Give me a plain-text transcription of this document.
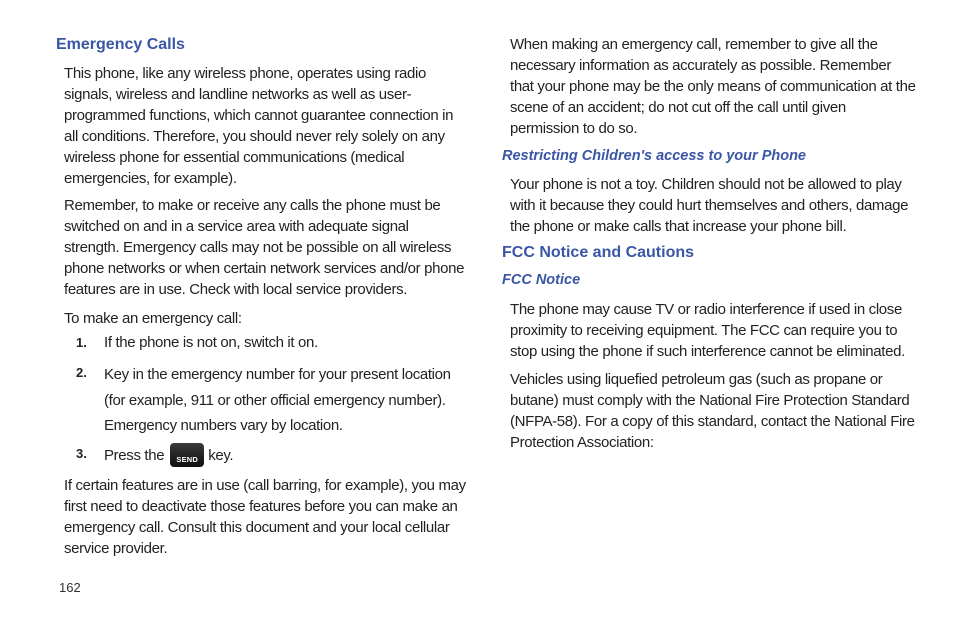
Emergency Calls

This phone, like any wireless phone, operates using radio signals, wireless and landline networks as well as user-programmed functions, which cannot guarantee connection in all conditions. Therefore, you should never rely solely on any wireless phone for essential communications (medical emergencies, for example).

Remember, to make or receive any calls the phone must be switched on and in a service area with adequate signal strength. Emergency calls may not be possible on all wireless phone networks or when certain network services and/or phone features are in use. Check with local service providers.

To make an emergency call:

1. If the phone is not on, switch it on.

2. Key in the emergency number for your present location (for example, 911 or other official emergency number). Emergency numbers vary by location.

3. Press the	SEND key.

If certain features are in use (call barring, for example), you may first need to deactivate those features before you can make an emergency call. Consult this document and your local cellular service provider.

When making an emergency call, remember to give all the necessary information as accurately as possible. Remember that your phone may be the only means of communication at the scene of an accident; do not cut off the call until given permission to do so.

Restricting Children's access to your Phone

Your phone is not a toy. Children should not be allowed to play with it because they could hurt themselves and others, damage the phone or make calls that increase your phone bill.

FCC Notice and Cautions
FCC Notice

The phone may cause TV or radio interference if used in close proximity to receiving equipment. The FCC can require you to stop using the phone if such interference cannot be eliminated.

Vehicles using liquefied petroleum gas (such as propane or butane) must comply with the National Fire Protection Standard (NFPA-58). For a copy of this standard, contact the National Fire Protection Association:

162
